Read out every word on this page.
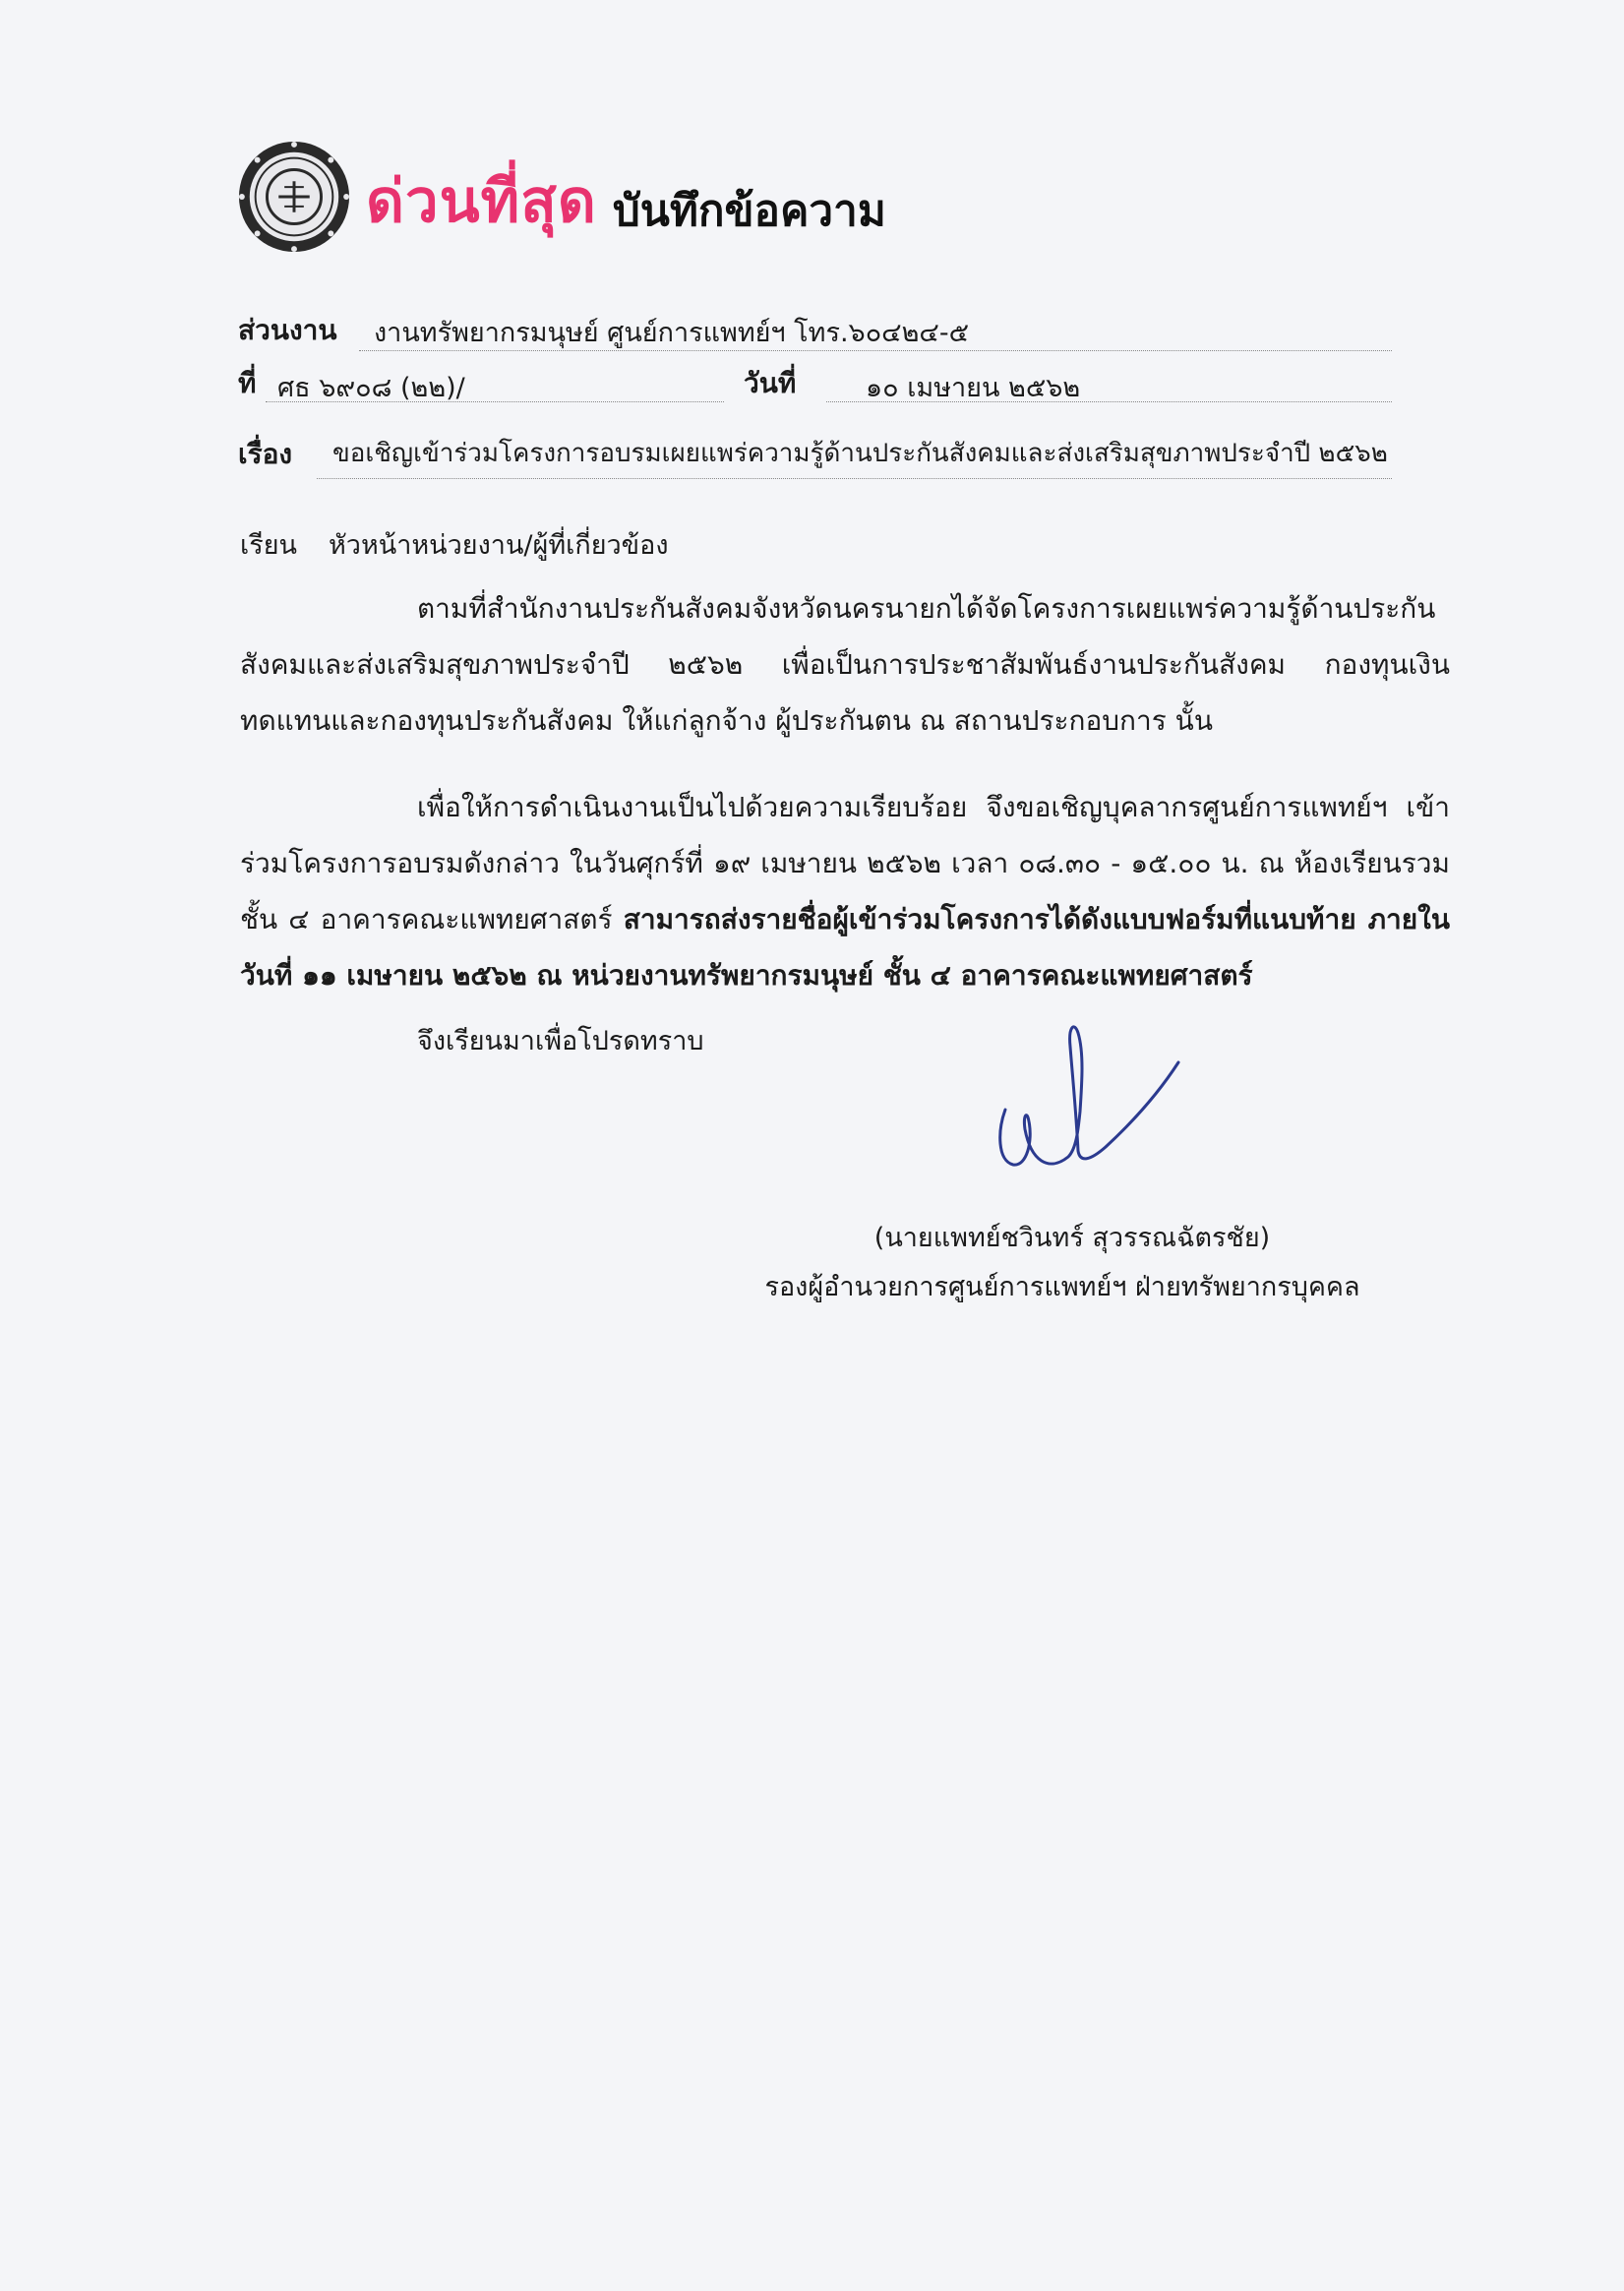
ด่วนที่สุด บันทึกข้อความ
ส่วนงาน งานทรัพยากรมนุษย์ ศูนย์การแพทย์ฯ โทร.๖๐๔๒๔-๕
ที่ ศธ ๖๙๐๘ (๒๒)/	วันที่	๑๐ เมษายน ๒๕๖๒
เรื่อง ขอเชิญเข้าร่วมโครงการอบรมเผยแพร่ความรู้ด้านประกันสังคมและส่งเสริมสุขภาพประจำปี ๒๕๖๒
เรียน หัวหน้าหน่วยงาน/ผู้ที่เกี่ยวข้อง

ตามที่สำนักงานประกันสังคมจังหวัดนครนายกได้จัดโครงการเผยแพร่ความรู้ด้านประกันสังคมและส่งเสริมสุขภาพประจำปี ๒๕๖๒ เพื่อเป็นการประชาสัมพันธ์งานประกันสังคม กองทุนเงินทดแทนและกองทุนประกันสังคม ให้แก่ลูกจ้าง ผู้ประกันตน ณ สถานประกอบการ นั้น

เพื่อให้การดำเนินงานเป็นไปด้วยความเรียบร้อย จึงขอเชิญบุคลากรศูนย์การแพทย์ฯ เข้าร่วมโครงการอบรมดังกล่าว ในวันศุกร์ที่ ๑๙ เมษายน ๒๕๖๒ เวลา ๐๘.๓๐ - ๑๕.๐๐ น. ณ ห้องเรียนรวม ชั้น ๔ อาคารคณะแพทยศาสตร์ สามารถส่งรายชื่อผู้เข้าร่วมโครงการได้ดังแบบฟอร์มที่แนบท้าย ภายในวันที่ ๑๑ เมษายน ๒๕๖๒ ณ หน่วยงานทรัพยากรมนุษย์ ชั้น ๔ อาคารคณะแพทยศาสตร์

จึงเรียนมาเพื่อโปรดทราบ
(นายแพทย์ชวินทร์ สุวรรณฉัตรชัย)
รองผู้อำนวยการศูนย์การแพทย์ฯ ฝ่ายทรัพยากรบุคคล
